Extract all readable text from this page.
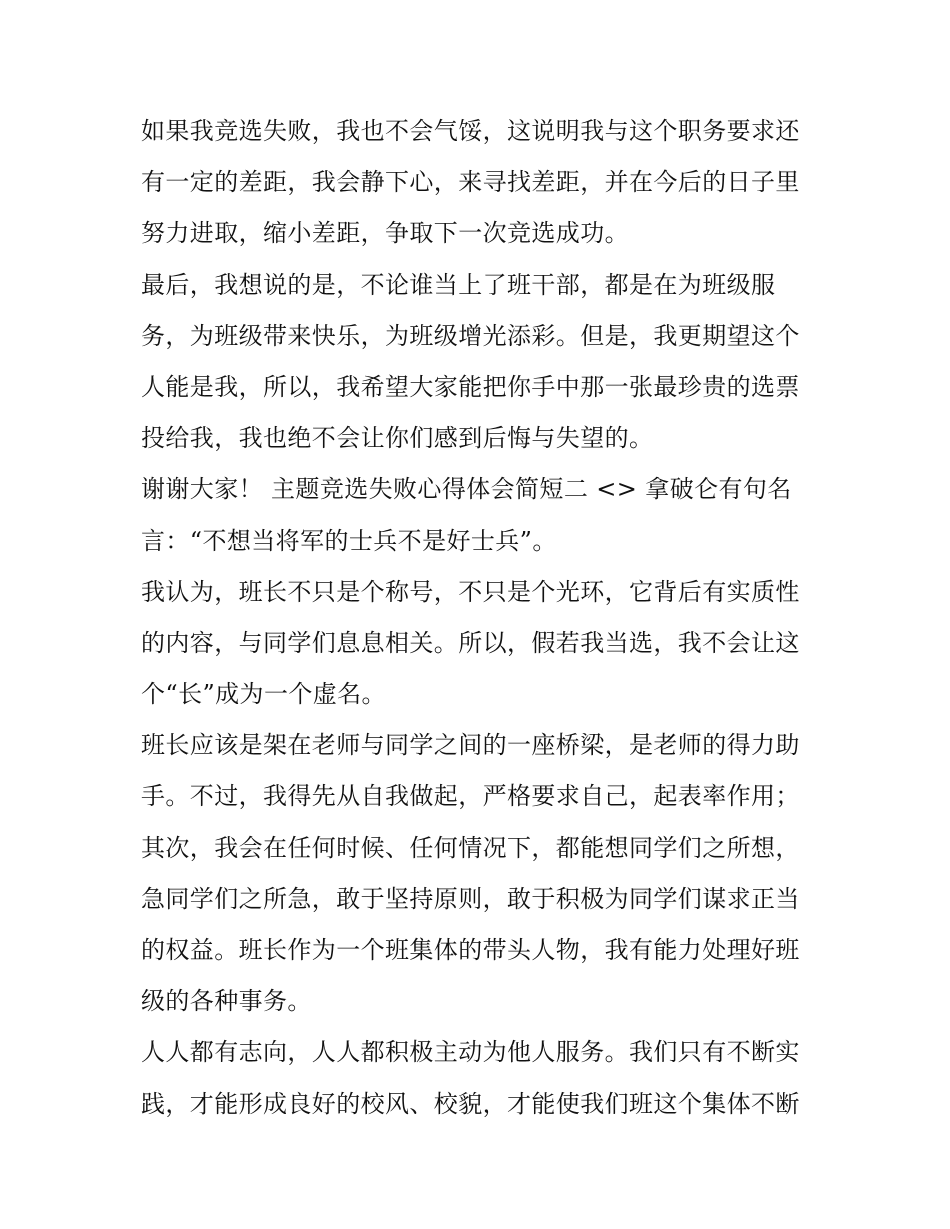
如果我竞选失败，我也不会气馁，这说明我与这个职务要求还
有一定的差距，我会静下心，来寻找差距，并在今后的日子里
努力进取，缩小差距，争取下一次竞选成功。
最后，我想说的是，不论谁当上了班干部，都是在为班级服
务，为班级带来快乐，为班级增光添彩。但是，我更期望这个
人能是我，所以，我希望大家能把你手中那一张最珍贵的选票
投给我，我也绝不会让你们感到后悔与失望的。
谢谢大家！ 主题竞选失败心得体会简短二 <> 拿破仑有句名
言：“不想当将军的士兵不是好士兵”。
我认为，班长不只是个称号，不只是个光环，它背后有实质性
的内容，与同学们息息相关。所以，假若我当选，我不会让这
个“长”成为一个虚名。
班长应该是架在老师与同学之间的一座桥梁，是老师的得力助
手。不过，我得先从自我做起，严格要求自己，起表率作用；
其次，我会在任何时候、任何情况下，都能想同学们之所想，
急同学们之所急，敢于坚持原则，敢于积极为同学们谋求正当
的权益。班长作为一个班集体的带头人物，我有能力处理好班
级的各种事务。
人人都有志向，人人都积极主动为他人服务。我们只有不断实
践，才能形成良好的校风、校貌，才能使我们班这个集体不断
